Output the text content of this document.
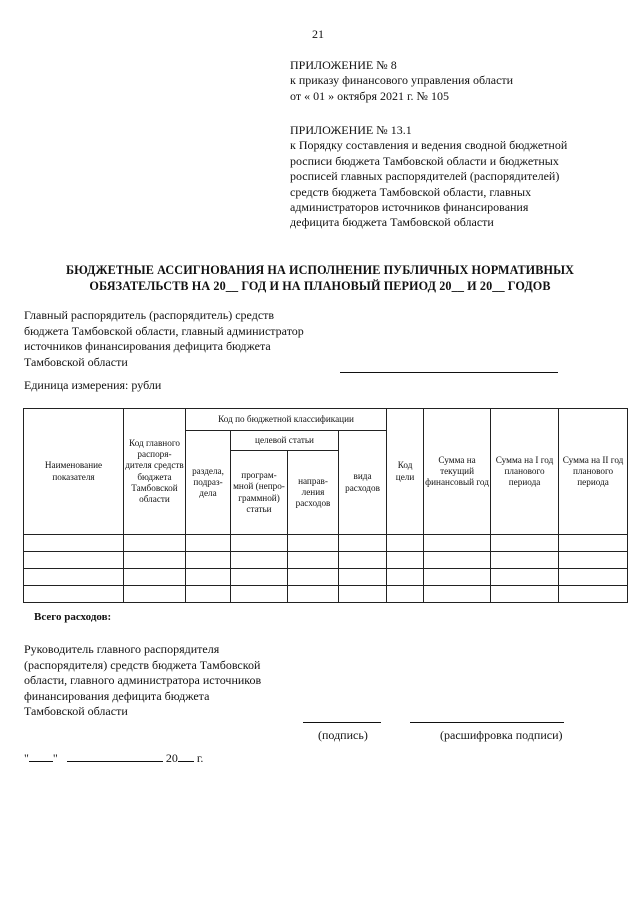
21
ПРИЛОЖЕНИЕ № 8
к приказу финансового управления области
от « 01 » октября 2021 г. № 105
ПРИЛОЖЕНИЕ № 13.1
к Порядку составления и ведения сводной бюджетной
росписи бюджета Тамбовской области и бюджетных
росписей главных распорядителей (распорядителей)
средств бюджета Тамбовской области, главных
администраторов источников финансирования
дефицита бюджета Тамбовской области
БЮДЖЕТНЫЕ АССИГНОВАНИЯ НА ИСПОЛНЕНИЕ ПУБЛИЧНЫХ НОРМАТИВНЫХ
ОБЯЗАТЕЛЬСТВ НА 20__ ГОД И НА ПЛАНОВЫЙ ПЕРИОД 20__ И 20__ ГОДОВ
Главный распорядитель (распорядитель) средств
бюджета Тамбовской области, главный администратор
источников финансирования дефицита бюджета
Тамбовской области
Единица измерения: рубли
Наименование показателя	Код главного распоря-дителя средств бюджета Тамбовской области	Код по бюджетной классификации				Код цели	Сумма на текущий финансовый год	Сумма на I год планового периода	Сумма на II год планового периода
		раздела, подраз-дела	целевой статьи		вида расходов				
			програм-мной (непро-граммной) статьи	направ-ления расходов					

Всего расходов:
Руководитель главного распорядителя
(распорядителя) средств бюджета Тамбовской
области, главного администратора источников
финансирования дефицита бюджета
Тамбовской области
(подпись)	(расшифровка подписи)
" "	20 г.
